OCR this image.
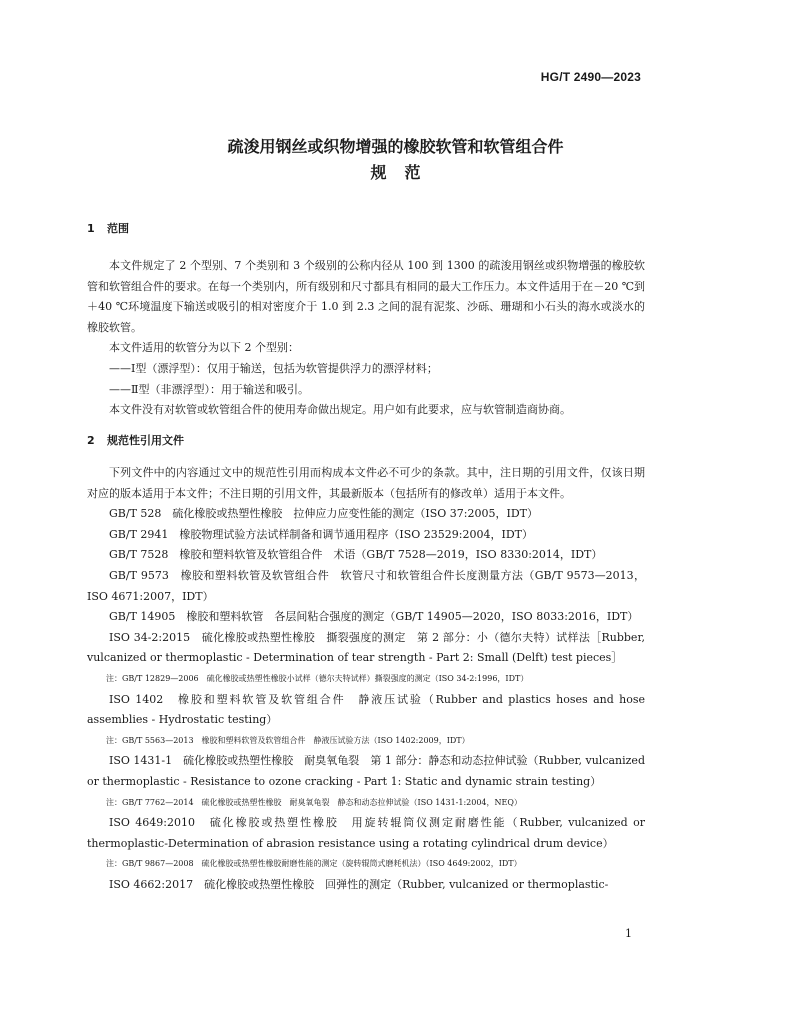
HG/T 2490—2023
疏浚用钢丝或织物增强的橡胶软管和软管组合件
规范
1 范围

本文件规定了 2 个型别、7 个类别和 3 个级别的公称内径从 100 到 1300 的疏浚用钢丝或织物增强的橡胶软管和软管组合件的要求。在每一个类别内，所有级别和尺寸都具有相同的最大工作压力。本文件适用于在－20 ℃到＋40 ℃环境温度下输送或吸引的相对密度介于 1.0 到 2.3 之间的混有泥浆、沙砾、珊瑚和小石头的海水或淡水的橡胶软管。

本文件适用的软管分为以下 2 个型别：

——Ⅰ型（漂浮型）：仅用于输送，包括为软管提供浮力的漂浮材料；

——Ⅱ型（非漂浮型）：用于输送和吸引。

本文件没有对软管或软管组合件的使用寿命做出规定。用户如有此要求，应与软管制造商协商。

2 规范性引用文件

下列文件中的内容通过文中的规范性引用而构成本文件必不可少的条款。其中，注日期的引用文件，仅该日期对应的版本适用于本文件；不注日期的引用文件，其最新版本（包括所有的修改单）适用于本文件。

GB/T 528　硫化橡胶或热塑性橡胶　拉伸应力应变性能的测定（ISO 37:2005，IDT）

GB/T 2941　橡胶物理试验方法试样制备和调节通用程序（ISO 23529:2004，IDT）

GB/T 7528　橡胶和塑料软管及软管组合件　术语（GB/T 7528—2019，ISO 8330:2014，IDT）

GB/T 9573　橡胶和塑料软管及软管组合件　软管尺寸和软管组合件长度测量方法（GB/T 9573—2013，ISO 4671:2007，IDT）

GB/T 14905　橡胶和塑料软管　各层间粘合强度的测定（GB/T 14905—2020，ISO 8033:2016，IDT）

ISO 34-2:2015　硫化橡胶或热塑性橡胶　撕裂强度的测定　第 2 部分：小（德尔夫特）试样法［Rubber, vulcanized or thermoplastic - Determination of tear strength - Part 2: Small (Delft) test pieces］

注：GB/T 12829—2006　硫化橡胶或热塑性橡胶小试样（德尔夫特试样）撕裂强度的测定（ISO 34-2:1996，IDT）

ISO 1402　橡胶和塑料软管及软管组合件　静液压试验（Rubber and plastics hoses and hose assemblies - Hydrostatic testing）

注：GB/T 5563—2013　橡胶和塑料软管及软管组合件　静液压试验方法（ISO 1402:2009，IDT）

ISO 1431-1　硫化橡胶或热塑性橡胶　耐臭氧龟裂　第 1 部分：静态和动态拉伸试验（Rubber, vulcanized or thermoplastic - Resistance to ozone cracking - Part 1: Static and dynamic strain testing）

注：GB/T 7762—2014　硫化橡胶或热塑性橡胶　耐臭氧龟裂　静态和动态拉伸试验（ISO 1431-1:2004，NEQ）

ISO 4649:2010　硫化橡胶或热塑性橡胶　用旋转辊筒仪测定耐磨性能（Rubber, vulcanized or thermoplastic-Determination of abrasion resistance using a rotating cylindrical drum device）

注：GB/T 9867—2008　硫化橡胶或热塑性橡胶耐磨性能的测定（旋转辊筒式磨耗机法）（ISO 4649:2002，IDT）

ISO 4662:2017　硫化橡胶或热塑性橡胶　回弹性的测定（Rubber, vulcanized or thermoplastic-

1
